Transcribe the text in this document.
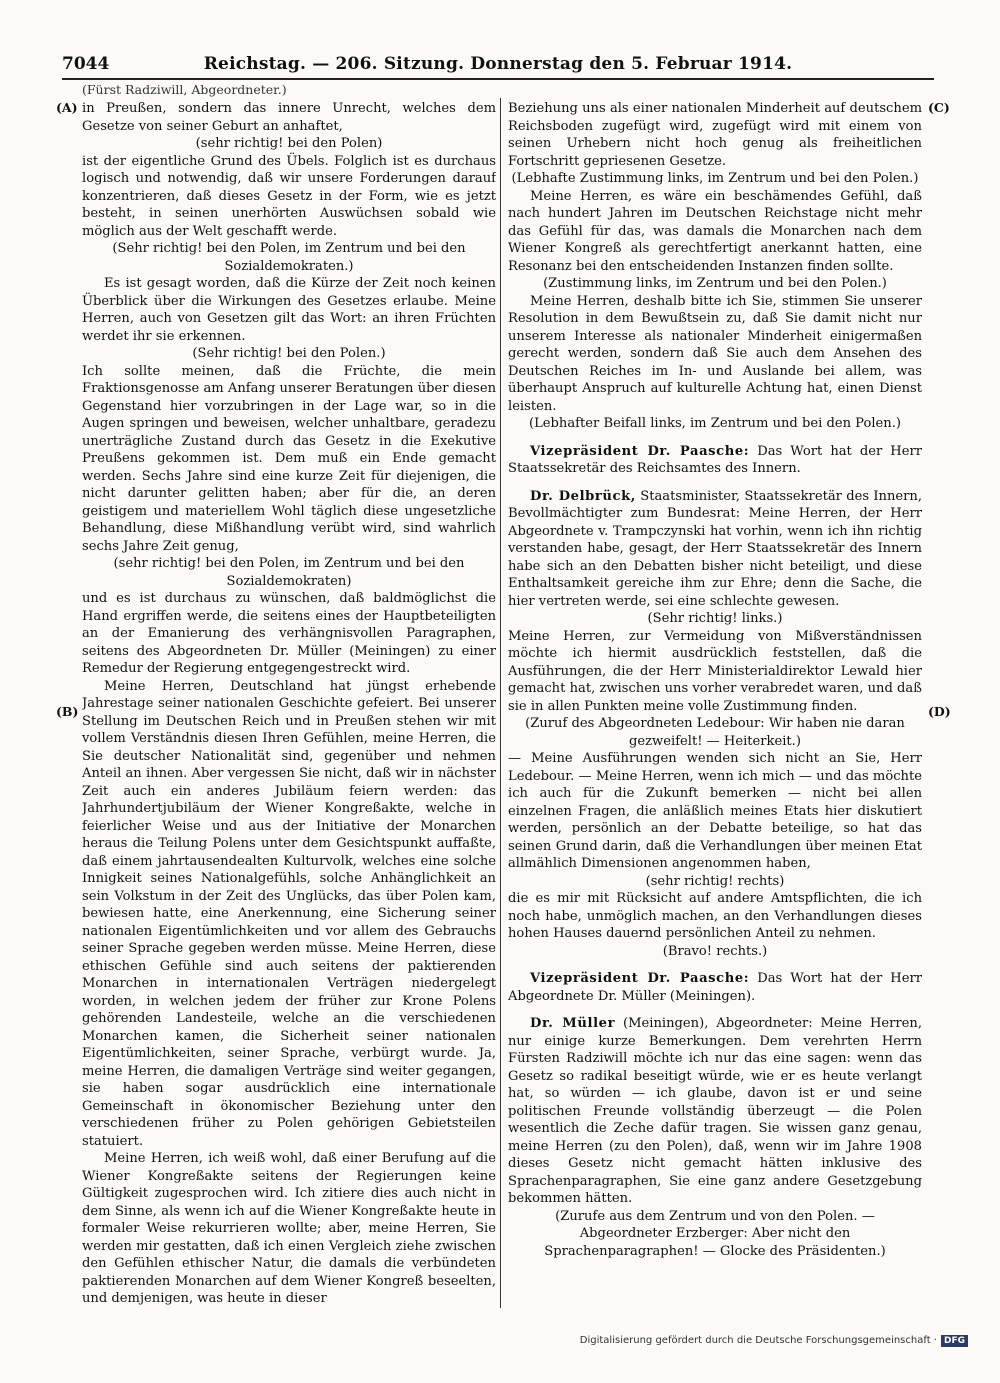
7044	Reichstag. — 206. Sitzung. Donnerstag den 5. Februar 1914.
(Fürst Radziwill, Abgeordneter.)
(A)
(B)
(C)
(D)

in Preußen, sondern das innere Unrecht, welches dem Gesetze von seiner Geburt an anhaftet,

(sehr richtig! bei den Polen)

ist der eigentliche Grund des Übels. Folglich ist es durchaus logisch und notwendig, daß wir unsere Forderungen darauf konzentrieren, daß dieses Gesetz in der Form, wie es jetzt besteht, in seinen unerhörten Auswüchsen sobald wie möglich aus der Welt geschafft werde.

(Sehr richtig! bei den Polen, im Zentrum und bei den Sozialdemokraten.)

Es ist gesagt worden, daß die Kürze der Zeit noch keinen Überblick über die Wirkungen des Gesetzes erlaube. Meine Herren, auch von Gesetzen gilt das Wort: an ihren Früchten werdet ihr sie erkennen.

(Sehr richtig! bei den Polen.)

Ich sollte meinen, daß die Früchte, die mein Fraktionsgenosse am Anfang unserer Beratungen über diesen Gegenstand hier vorzubringen in der Lage war, so in die Augen springen und beweisen, welcher unhaltbare, geradezu unerträgliche Zustand durch das Gesetz in die Exekutive Preußens gekommen ist. Dem muß ein Ende gemacht werden. Sechs Jahre sind eine kurze Zeit für diejenigen, die nicht darunter gelitten haben; aber für die, an deren geistigem und materiellem Wohl täglich diese ungesetzliche Behandlung, diese Mißhandlung verübt wird, sind wahrlich sechs Jahre Zeit genug,

(sehr richtig! bei den Polen, im Zentrum und bei den Sozialdemokraten)

und es ist durchaus zu wünschen, daß baldmöglichst die Hand ergriffen werde, die seitens eines der Hauptbeteiligten an der Emanierung des verhängnisvollen Paragraphen, seitens des Abgeordneten Dr. Müller (Meiningen) zu einer Remedur der Regierung entgegengestreckt wird.

Meine Herren, Deutschland hat jüngst erhebende Jahrestage seiner nationalen Geschichte gefeiert. Bei unserer Stellung im Deutschen Reich und in Preußen stehen wir mit vollem Verständnis diesen Ihren Gefühlen, meine Herren, die Sie deutscher Nationalität sind, gegenüber und nehmen Anteil an ihnen. Aber vergessen Sie nicht, daß wir in nächster Zeit auch ein anderes Jubiläum feiern werden: das Jahrhundertjubiläum der Wiener Kongreßakte, welche in feierlicher Weise und aus der Initiative der Monarchen heraus die Teilung Polens unter dem Gesichtspunkt auffaßte, daß einem jahrtausendealten Kulturvolk, welches eine solche Innigkeit seines Nationalgefühls, solche Anhänglichkeit an sein Volkstum in der Zeit des Unglücks, das über Polen kam, bewiesen hatte, eine Anerkennung, eine Sicherung seiner nationalen Eigentümlichkeiten und vor allem des Gebrauchs seiner Sprache gegeben werden müsse. Meine Herren, diese ethischen Gefühle sind auch seitens der paktierenden Monarchen in internationalen Verträgen niedergelegt worden, in welchen jedem der früher zur Krone Polens gehörenden Landesteile, welche an die verschiedenen Monarchen kamen, die Sicherheit seiner nationalen Eigentümlichkeiten, seiner Sprache, verbürgt wurde. Ja, meine Herren, die damaligen Verträge sind weiter gegangen, sie haben sogar ausdrücklich eine internationale Gemeinschaft in ökonomischer Beziehung unter den verschiedenen früher zu Polen gehörigen Gebietsteilen statuiert.

Meine Herren, ich weiß wohl, daß einer Berufung auf die Wiener Kongreßakte seitens der Regierungen keine Gültigkeit zugesprochen wird. Ich zitiere dies auch nicht in dem Sinne, als wenn ich auf die Wiener Kongreßakte heute in formaler Weise rekurrieren wollte; aber, meine Herren, Sie werden mir gestatten, daß ich einen Vergleich ziehe zwischen den Gefühlen ethischer Natur, die damals die verbündeten paktierenden Monarchen auf dem Wiener Kongreß beseelten, und demjenigen, was heute in dieser

Beziehung uns als einer nationalen Minderheit auf deutschem Reichsboden zugefügt wird, zugefügt wird mit einem von seinen Urhebern nicht hoch genug als freiheitlichen Fortschritt gepriesenen Gesetze.

(Lebhafte Zustimmung links, im Zentrum und bei den Polen.)

Meine Herren, es wäre ein beschämendes Gefühl, daß nach hundert Jahren im Deutschen Reichstage nicht mehr das Gefühl für das, was damals die Monarchen nach dem Wiener Kongreß als gerechtfertigt anerkannt hatten, eine Resonanz bei den entscheidenden Instanzen finden sollte.

(Zustimmung links, im Zentrum und bei den Polen.)

Meine Herren, deshalb bitte ich Sie, stimmen Sie unserer Resolution in dem Bewußtsein zu, daß Sie damit nicht nur unserem Interesse als nationaler Minderheit einigermaßen gerecht werden, sondern daß Sie auch dem Ansehen des Deutschen Reiches im In- und Auslande bei allem, was überhaupt Anspruch auf kulturelle Achtung hat, einen Dienst leisten.

(Lebhafter Beifall links, im Zentrum und bei den Polen.)

Vizepräsident Dr. Paasche: Das Wort hat der Herr Staatssekretär des Reichsamtes des Innern.

Dr. Delbrück, Staatsminister, Staatssekretär des Innern, Bevollmächtigter zum Bundesrat: Meine Herren, der Herr Abgeordnete v. Trampczynski hat vorhin, wenn ich ihn richtig verstanden habe, gesagt, der Herr Staatssekretär des Innern habe sich an den Debatten bisher nicht beteiligt, und diese Enthaltsamkeit gereiche ihm zur Ehre; denn die Sache, die hier vertreten werde, sei eine schlechte gewesen.

(Sehr richtig! links.)

Meine Herren, zur Vermeidung von Mißverständnissen möchte ich hiermit ausdrücklich feststellen, daß die Ausführungen, die der Herr Ministerialdirektor Lewald hier gemacht hat, zwischen uns vorher verabredet waren, und daß sie in allen Punkten meine volle Zustimmung finden.

(Zuruf des Abgeordneten Ledebour: Wir haben nie daran gezweifelt! — Heiterkeit.)

— Meine Ausführungen wenden sich nicht an Sie, Herr Ledebour. — Meine Herren, wenn ich mich — und das möchte ich auch für die Zukunft bemerken — nicht bei allen einzelnen Fragen, die anläßlich meines Etats hier diskutiert werden, persönlich an der Debatte beteilige, so hat das seinen Grund darin, daß die Verhandlungen über meinen Etat allmählich Dimensionen angenommen haben,

(sehr richtig! rechts)

die es mir mit Rücksicht auf andere Amtspflichten, die ich noch habe, unmöglich machen, an den Verhandlungen dieses hohen Hauses dauernd persönlichen Anteil zu nehmen.

(Bravo! rechts.)

Vizepräsident Dr. Paasche: Das Wort hat der Herr Abgeordnete Dr. Müller (Meiningen).

Dr. Müller (Meiningen), Abgeordneter: Meine Herren, nur einige kurze Bemerkungen. Dem verehrten Herrn Fürsten Radziwill möchte ich nur das eine sagen: wenn das Gesetz so radikal beseitigt würde, wie er es heute verlangt hat, so würden — ich glaube, davon ist er und seine politischen Freunde vollständig überzeugt — die Polen wesentlich die Zeche dafür tragen. Sie wissen ganz genau, meine Herren (zu den Polen), daß, wenn wir im Jahre 1908 dieses Gesetz nicht gemacht hätten inklusive des Sprachenparagraphen, Sie eine ganz andere Gesetzgebung bekommen hätten.

(Zurufe aus dem Zentrum und von den Polen. — Abgeordneter Erzberger: Aber nicht den Sprachenparagraphen! — Glocke des Präsidenten.)

Digitalisierung gefördert durch die Deutsche Forschungsgemeinschaft · DFG
